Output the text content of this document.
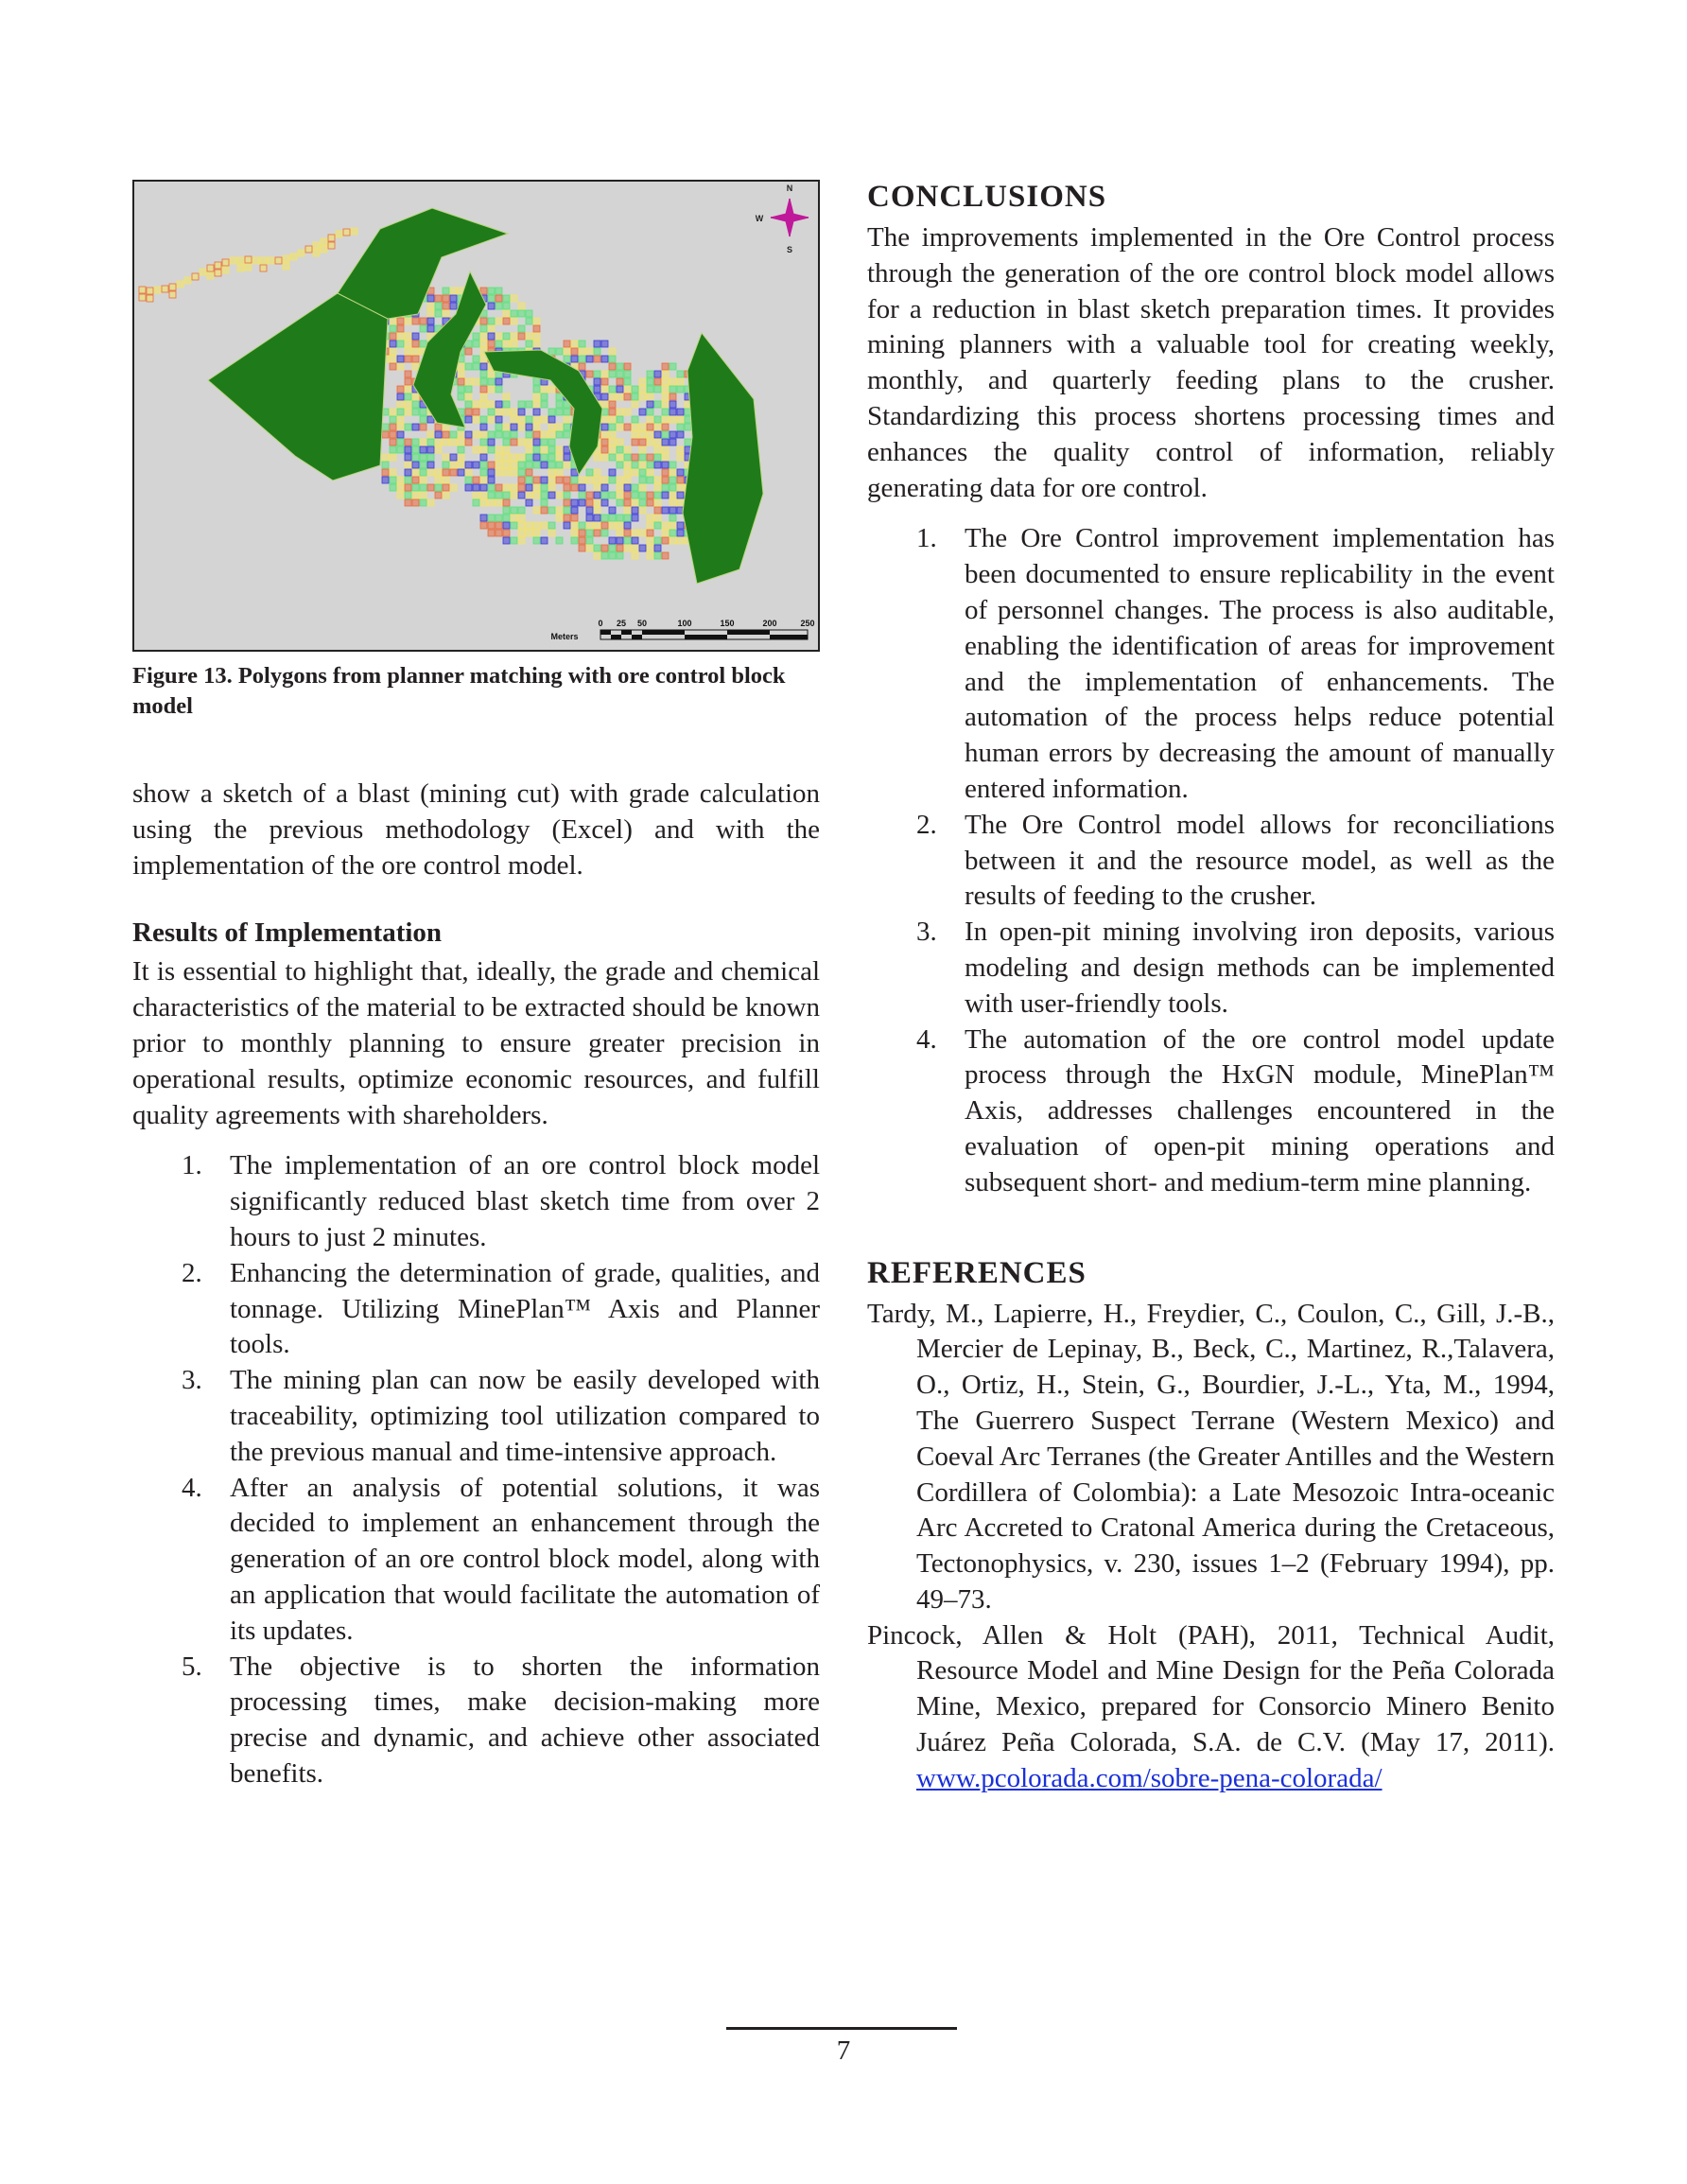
N
S
W
0 25 50	100	150	200	250
Meters

Figure 13. Polygons from planner matching with ore control block model

show a sketch of a blast (mining cut) with grade calculation using the previous methodology (Excel) and with the implementation of the ore control model.

Results of Implementation

It is essential to highlight that, ideally, the grade and chemical characteristics of the material to be extracted should be known prior to monthly planning to ensure greater precision in operational results, optimize economic resources, and fulfill quality agreements with shareholders.

1. The implementation of an ore control block model significantly reduced blast sketch time from over 2 hours to just 2 minutes.
2. Enhancing the determination of grade, qualities, and tonnage. Utilizing MinePlan™ Axis and Planner tools.
3. The mining plan can now be easily developed with traceability, optimizing tool utilization compared to the previous manual and time-intensive approach.
4. After an analysis of potential solutions, it was decided to implement an enhancement through the generation of an ore control block model, along with an application that would facilitate the automation of its updates.
5. The objective is to shorten the information processing times, make decision-making more precise and dynamic, and achieve other associated benefits.
CONCLUSIONS

The improvements implemented in the Ore Control process through the generation of the ore control block model allows for a reduction in blast sketch preparation times. It provides mining planners with a valuable tool for creating weekly, monthly, and quarterly feeding plans to the crusher. Standardizing this process shortens processing times and enhances the quality control of information, reliably generating data for ore control.

1. The Ore Control improvement implementation has been documented to ensure replicability in the event of personnel changes. The process is also auditable, enabling the identification of areas for improvement and the implementation of enhancements. The automation of the process helps reduce potential human errors by decreasing the amount of manually entered information.
2. The Ore Control model allows for reconciliations between it and the resource model, as well as the results of feeding to the crusher.
3. In open-pit mining involving iron deposits, various modeling and design methods can be implemented with user-friendly tools.
4. The automation of the ore control model update process through the HxGN module, MinePlan™ Axis, addresses challenges encountered in the evaluation of open-pit mining operations and subsequent short- and medium-term mine planning.
REFERENCES

Tardy, M., Lapierre, H., Freydier, C., Coulon, C., Gill, J.-B., Mercier de Lepinay, B., Beck, C., Martinez, R.,Talavera, O., Ortiz, H., Stein, G., Bourdier, J.-L., Yta, M., 1994, The Guerrero Suspect Terrane (Western Mexico) and Coeval Arc Terranes (the Greater Antilles and the Western Cordillera of Colombia): a Late Mesozoic Intra-oceanic Arc Accreted to Cratonal America during the Cretaceous, Tectonophysics, v. 230, issues 1–2 (February 1994), pp. 49–73.

Pincock, Allen & Holt (PAH), 2011, Technical Audit, Resource Model and Mine Design for the Peña Colorada Mine, Mexico, prepared for Consorcio Minero Benito Juárez Peña Colorada, S.A. de C.V. (May 17, 2011). www.pcolorada.com/sobre-pena-colorada/

7
